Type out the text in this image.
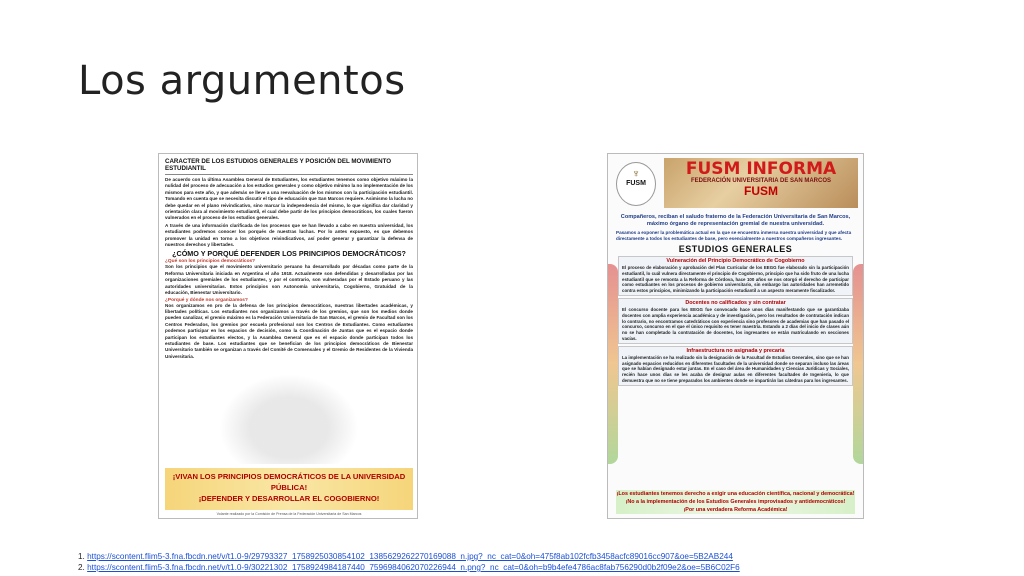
Los argumentos
CARACTER DE LOS ESTUDIOS GENERALES Y POSICIÓN DEL MOVIMIENTO ESTUDIANTIL

De acuerdo con la última Asamblea General de Estudiantes, los estudiantes tenemos como objetivo máximo la nulidad del proceso de adecuación a los estudios generales y como objetivo mínimo la no implementación de los mismos para este año, y que además se lleve a una reevaluación de los mismos con la participación estudiantil. Tomando en cuenta que se necesita discutir el tipo de educación que San Marcos requiere. Asimismo la lucha no debe quedar en el plano reivindicativo, sino marcar la independencia del mismo, lo que significa dar claridad y orientación clara al movimiento estudiantil, el cual debe partir de los principios democráticos, los cuales fueron vulnerados en el proceso de los estudios generales.

A través de una información clarificada de los procesos que se han llevado a cabo en nuestra universidad, los estudiantes podremos conocer los porqués de nuestras luchas. Por lo antes expuesto, es que debemos promover la unidad en torno a los objetivos reivindicativos, así poder generar y garantizar la defensa de nuestros derechos y libertades.

¿CÓMO Y PORQUÉ DEFENDER LOS PRINCIPIOS DEMOCRÁTICOS?
¿Qué son los principios democráticos?

Son los principios que el movimiento universitario peruano ha desarrollado por décadas como parte de la Reforma Universitaria iniciada en Argentina el año 1918. Actualmente son defendidas y desarrolladas por las organizaciones gremiales de los estudiantes, y por el contrario, son vulneradas por el Estado peruano y las autoridades universitarias. Estos principios son Autonomía universitaria, Cogobierno, Gratuidad de la educación, Bienestar Universitario.

¿Porqué y dónde nos organizamos?

Nos organizamos en pro de la defensa de los principios democráticos, nuestras libertades académicas, y libertades políticas. Los estudiantes nos organizamos a través de los gremios, que son los medios donde pueden canalizar, el gremio máximo es la Federación Universitaria de San Marcos, el gremio de Facultad son los Centros Federados, los gremios por escuela profesional son los Centros de Estudiantes. Como estudiantes podemos participar en los espacios de decisión, como la Coordinación de Juntas que es el espacio donde participan los estudiantes electos, y la Asamblea General que es el espacio donde participan todos los estudiantes de base. Los estudiantes que se benefician de los principios democráticos de Bienestar Universitario también se organizan a través del Comité de Comensales y el Gremio de Residentes de la Vivienda Universitaria.

¡VIVAN LOS PRINCIPIOS DEMOCRÁTICOS DE LA UNIVERSIDAD PÚBLICA!
¡DEFENDER Y DESARROLLAR EL COGOBIERNO!
Volante realizado por la Comisión de Prensa de la Federación Universitaria de San Marcos
♆
FUSM
FUSM INFORMA
FEDERACIÓN UNIVERSITARIA DE SAN MARCOS
FUSM
Compañeros, reciban el saludo fraterno de la Federación Universitaria de San Marcos, máximo órgano de representación gremial de nuestra universidad.
Pasamos a exponer la problemática actual en la que se encuentra inmersa nuestra universidad y que afecta directamente a todos los estudiantes de base, pero esencialmente a nuestros compañeros ingresantes.
ESTUDIOS GENERALES
Vulneración del Principio Democrático de Cogobierno
El proceso de elaboración y aprobación del Plan Curricular de los EEGG fue elaborado sin la participación estudiantil, lo cuál vulnera directamente el principio de Cogobierno, principio que ha sido fruto de una lucha estudiantil que se remonta a la Reforma de Córdova, hace 100 años se nos otorgó el derecho de participar como estudiantes en los procesos de gobierno universitario, sin embargo las autoridades han arremetido contra estos principios, minimizando la participación estudiantil a un aspecto meramente fiscalizador.
Docentes no calificados y sin contratar
El concurso docente para los EEGG fue convocado hace unos días manifestando que se garantizaba docentes con amplia experiencia académica y de investigación, pero los resultados de contratación indican lo contrario, no encontramos catedráticos con experiencia sino profesores de academias que han pasado el concurso, concurso en el que el único requisito es tener maestría. Estando a 2 días del inicio de clases aún no se han completado la contratación de docentes, los ingresantes se están matriculando en secciones vacías.
Infraestructura no asignada y precaria
La implementación se ha realizado sin la designación de la Facultad de Estudios Generales, sino que se han asignado espacios reducidos en diferentes facultades de la universidad donde se separan incluso las áreas que se habían designado estar juntas. En el caso del área de Humanidades y Ciencias Jurídicas y Sociales, recién hace unos días se les acaba de designar aulas en diferentes facultades de Ingeniería, lo que demuestra que no se tiene preparados los ambientes donde se impartirán las cátedras para los ingresantes.
¡Los estudiantes tenemos derecho a exigir una educación científica, nacional y democrática!
¡No a la implementación de los Estudios Generales improvisados y antidemocráticos!
¡Por una verdadera Reforma Académica!
1. https://scontent.flim5-3.fna.fbcdn.net/v/t1.0-9/29793327_1758925030854102_1385629262270169088_n.jpg?_nc_cat=0&oh=475f8ab102fcfb3458acfc89016cc907&oe=5B2AB244
2. https://scontent.flim5-3.fna.fbcdn.net/v/t1.0-9/30221302_1758924984187440_7596984062070226944_n.png?_nc_cat=0&oh=b9b4efe4786ac8fab756290d0b2f09e2&oe=5B6C02F6
